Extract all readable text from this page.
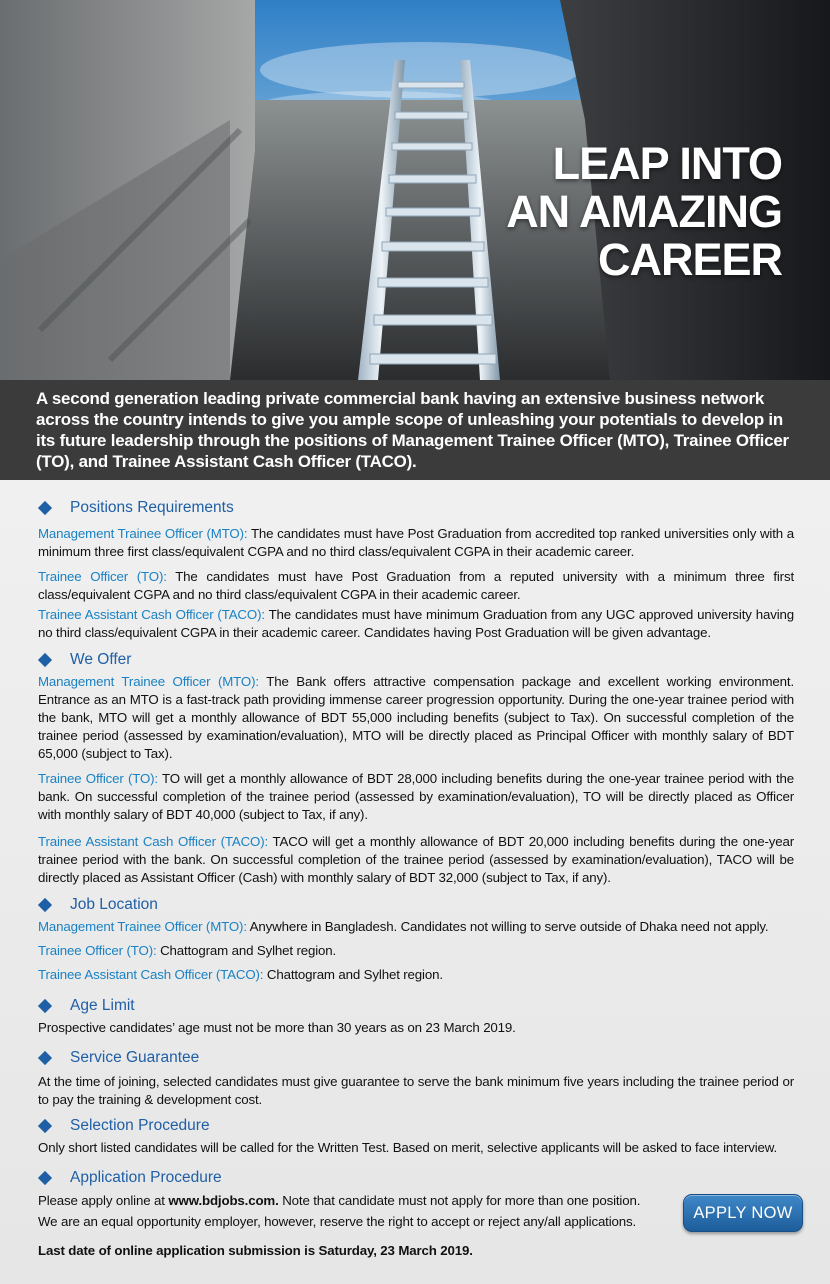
LEAP INTO
AN AMAZING
CAREER

A second generation leading private commercial bank having an extensive business network across the country intends to give you ample scope of unleashing your potentials to develop in its future leadership through the positions of Management Trainee Officer (MTO), Trainee Officer (TO), and Trainee Assistant Cash Officer (TACO).

Positions Requirements
Management Trainee Officer (MTO): The candidates must have Post Graduation from accredited top ranked universities only with a minimum three first class/equivalent CGPA and no third class/equivalent CGPA in their academic career.
Trainee Officer (TO): The candidates must have Post Graduation from a reputed university with a minimum three first class/equivalent CGPA and no third class/equivalent CGPA in their academic career.
Trainee Assistant Cash Officer (TACO): The candidates must have minimum Graduation from any UGC approved university having no third class/equivalent CGPA in their academic career. Candidates having Post Graduation will be given advantage.
We Offer
Management Trainee Officer (MTO): The Bank offers attractive compensation package and excellent working environment. Entrance as an MTO is a fast-track path providing immense career progression opportunity. During the one-year trainee period with the bank, MTO will get a monthly allowance of BDT 55,000 including benefits (subject to Tax). On successful completion of the trainee period (assessed by examination/evaluation), MTO will be directly placed as Principal Officer with monthly salary of BDT 65,000 (subject to Tax).
Trainee Officer (TO): TO will get a monthly allowance of BDT 28,000 including benefits during the one-year trainee period with the bank. On successful completion of the trainee period (assessed by examination/evaluation), TO will be directly placed as Officer with monthly salary of BDT 40,000 (subject to Tax, if any).
Trainee Assistant Cash Officer (TACO): TACO will get a monthly allowance of BDT 20,000 including benefits during the one-year trainee period with the bank. On successful completion of the trainee period (assessed by examination/evaluation), TACO will be directly placed as Assistant Officer (Cash) with monthly salary of BDT 32,000 (subject to Tax, if any).
Job Location
Management Trainee Officer (MTO): Anywhere in Bangladesh. Candidates not willing to serve outside of Dhaka need not apply.
Trainee Officer (TO): Chattogram and Sylhet region.
Trainee Assistant Cash Officer (TACO): Chattogram and Sylhet region.
Age Limit
Prospective candidates’ age must not be more than 30 years as on 23 March 2019.
Service Guarantee
At the time of joining, selected candidates must give guarantee to serve the bank minimum five years including the trainee period or to pay the training & development cost.
Selection Procedure
Only short listed candidates will be called for the Written Test. Based on merit, selective applicants will be asked to face interview.
Application Procedure
Please apply online at www.bdjobs.com. Note that candidate must not apply for more than one position.
We are an equal opportunity employer, however, reserve the right to accept or reject any/all applications.
Last date of online application submission is Saturday, 23 March 2019.
APPLY NOW
